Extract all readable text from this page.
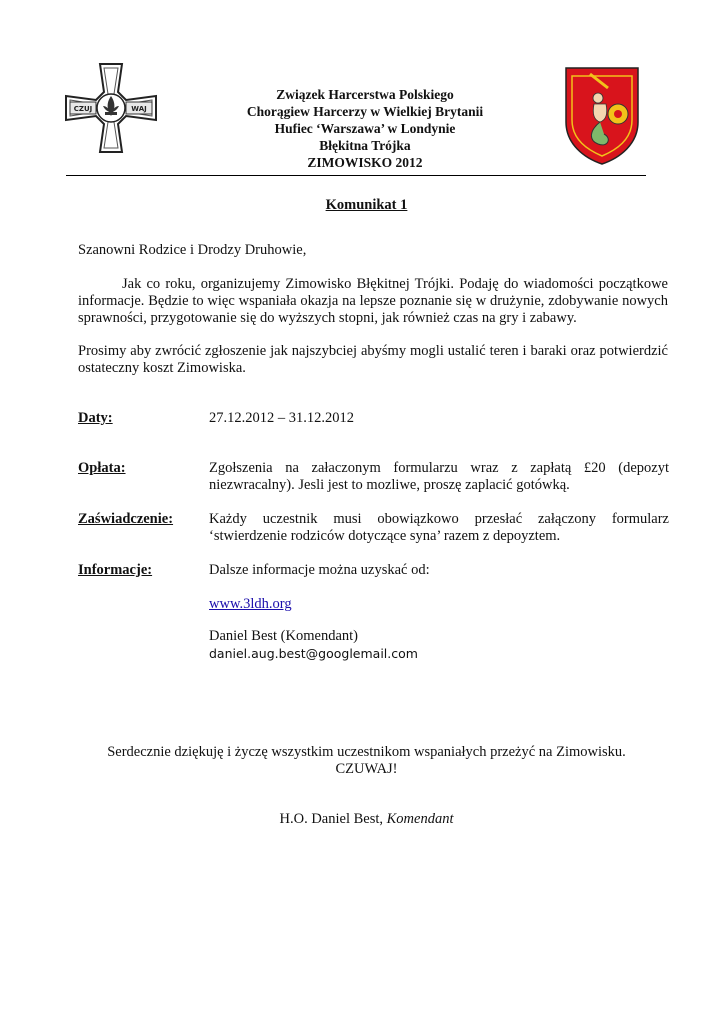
CZUJ	WAJ
Związek Harcerstwa Polskiego
Chorągiew Harcerzy w Wielkiej Brytanii
Hufiec ‘Warszawa’ w Londynie
Błękitna Trójka
ZIMOWISKO 2012
Komunikat 1
Szanowni Rodzice i Drodzy Druhowie,
Jak co roku, organizujemy Zimowisko Błękitnej Trójki. Podaję do wiadomości początkowe informacje. Będzie to więc wspaniała okazja na lepsze poznanie się w drużynie, zdobywanie nowych sprawności, przygotowanie się do wyższych stopni, jak również czas na gry i zabawy.
Prosimy aby zwrócić zgłoszenie jak najszybciej abyśmy mogli ustalić teren i baraki oraz potwierdzić ostateczny koszt Zimowiska.
Daty:	27.12.2012 – 31.12.2012
Opłata:	Zgołszenia na załaczonym formularzu wraz z zapłatą £20 (depozyt niezwracalny). Jesli jest to mozliwe, proszę zaplacić gotówką.
Zaświadczenie: Każdy uczestnik musi obowiązkowo przesłać załączony formularz ‘stwierdzenie rodziców dotyczące syna’ razem z depoyztem.
Informacje:	Dalsze informacje można uzyskać od:
www.3ldh.org
Daniel Best (Komendant)
daniel.aug.best@googlemail.com
Serdecznie dziękuję i życzę wszystkim uczestnikom wspaniałych przeżyć na Zimowisku.
CZUWAJ!
H.O. Daniel Best, Komendant
